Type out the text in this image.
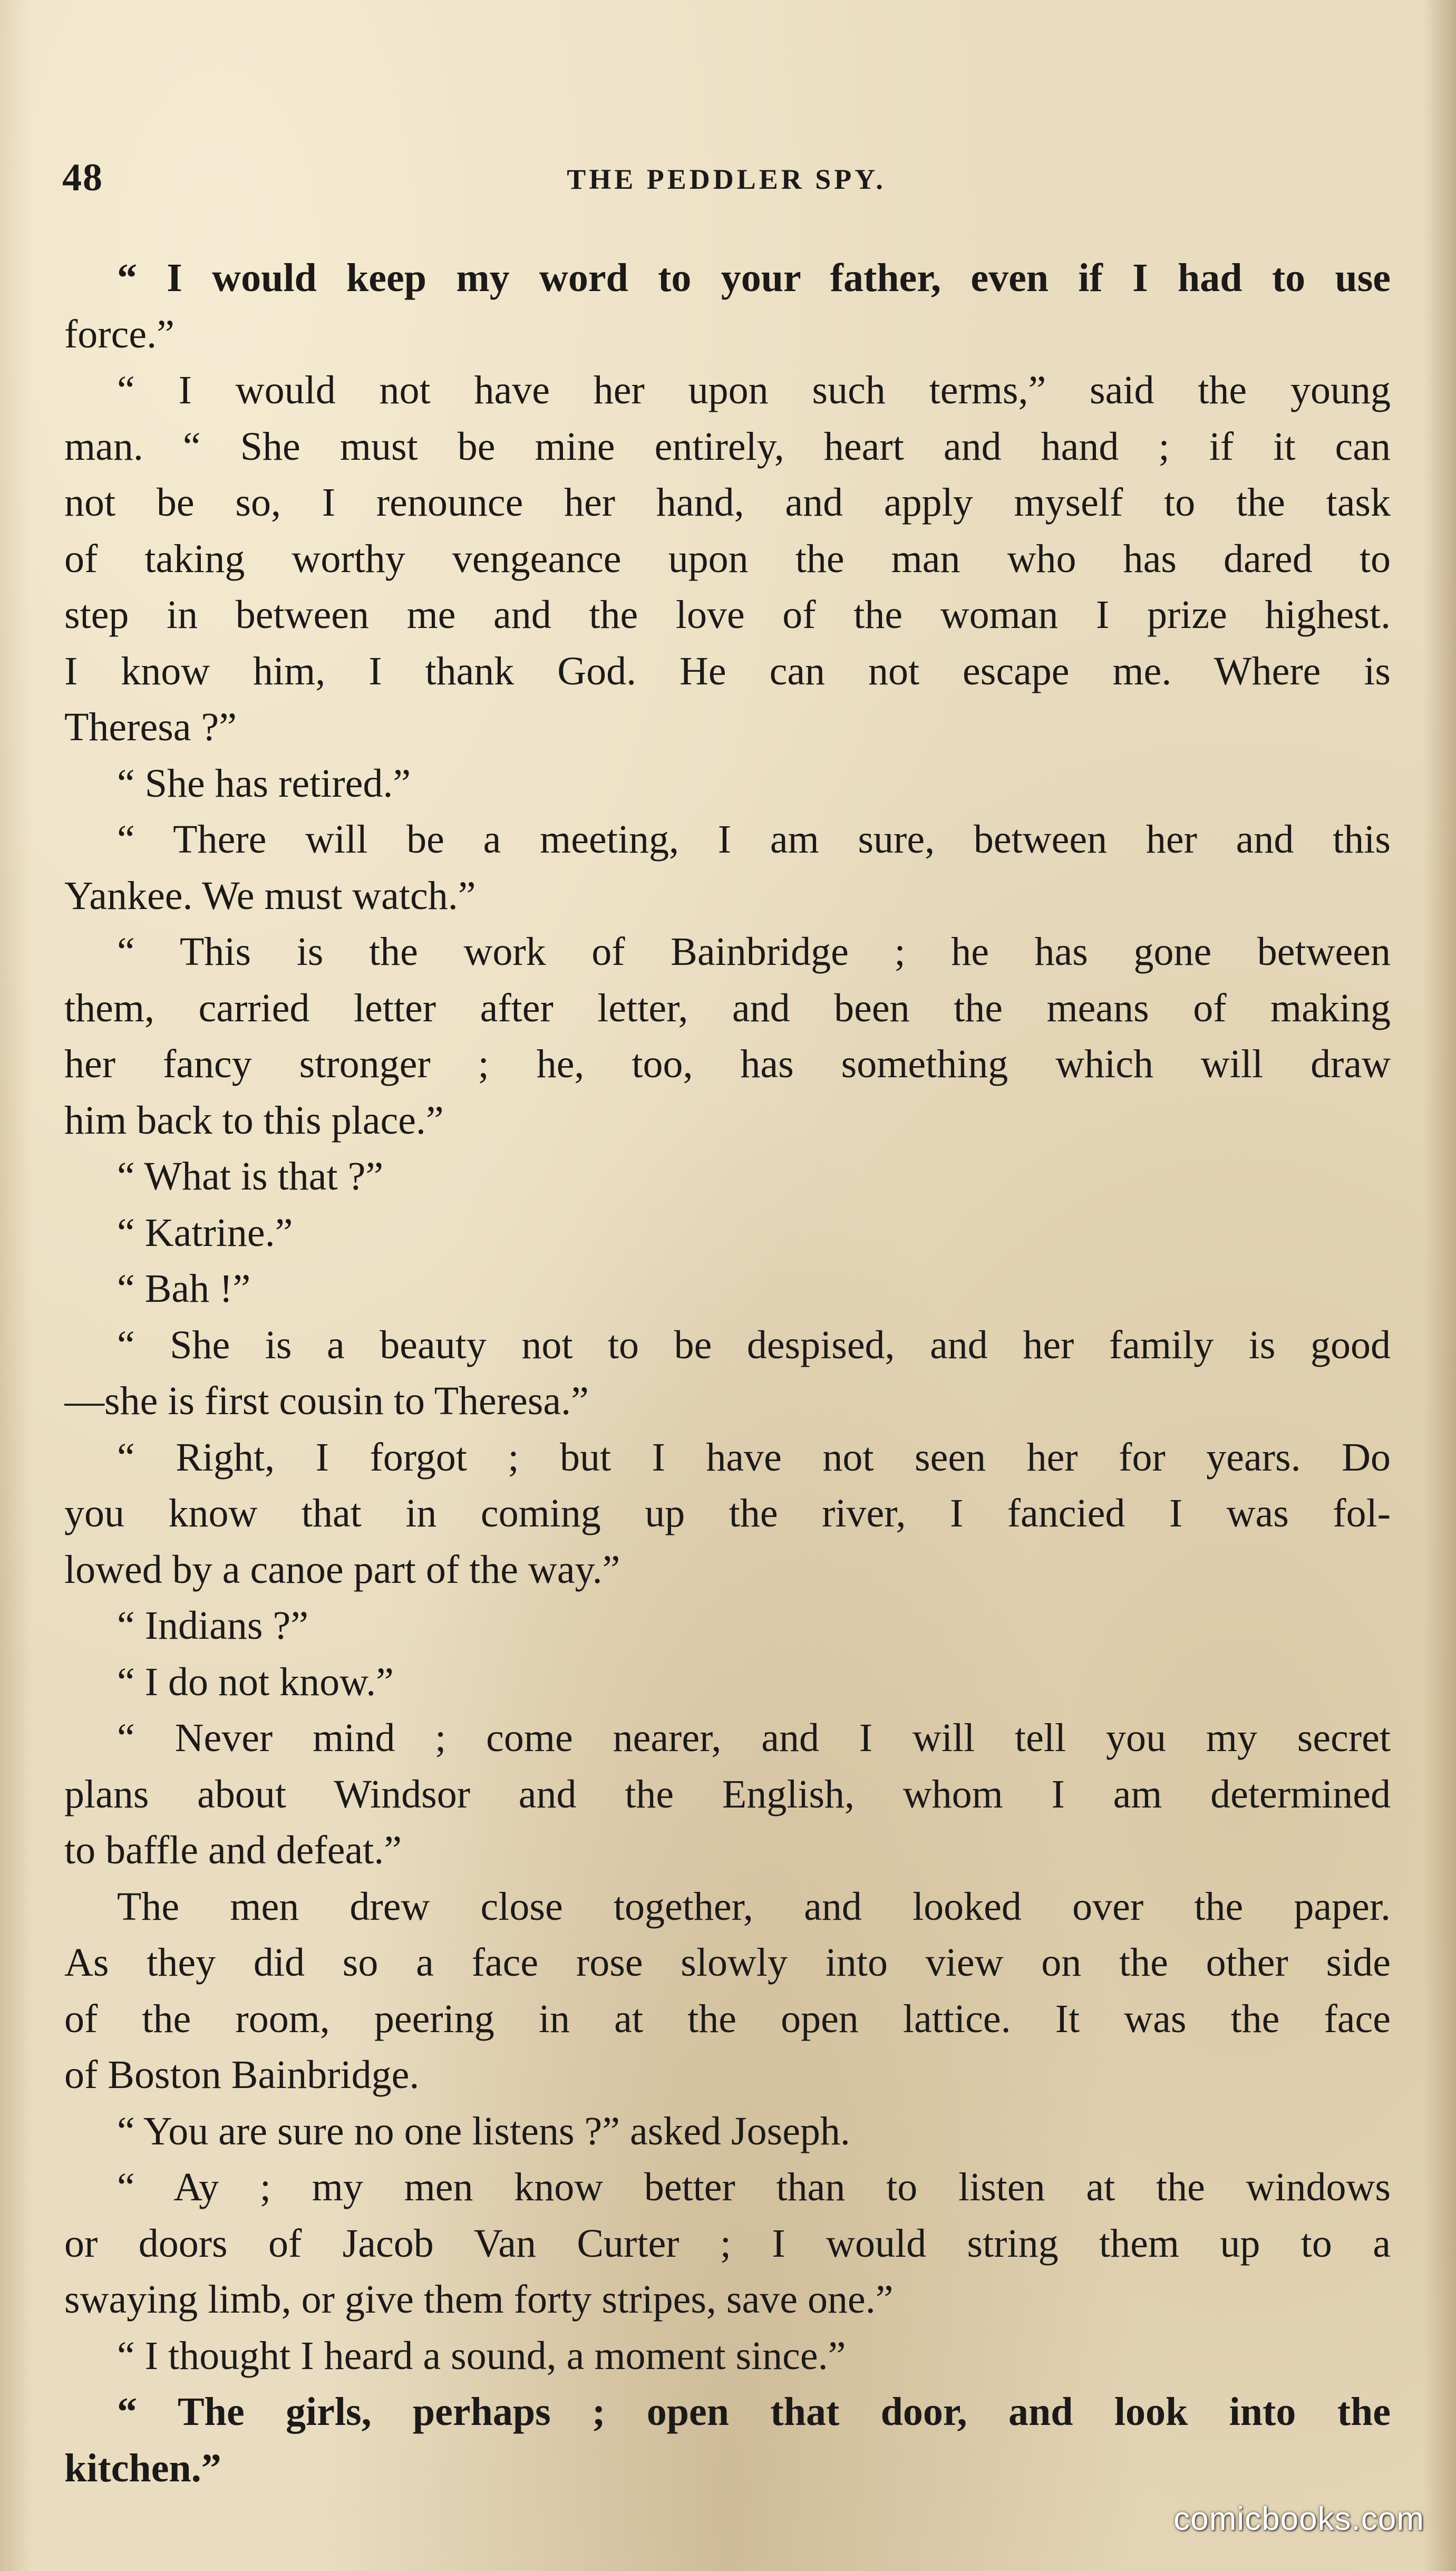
48	THE PEDDLER SPY.
“ I would keep my word to your father, even if I had to use
force.”
“ I would not have her upon such terms,” said the young
man. “ She must be mine entirely, heart and hand ; if it can
not be so, I renounce her hand, and apply myself to the task
of taking worthy vengeance upon the man who has dared to
step in between me and the love of the woman I prize highest.
I know him, I thank God. He can not escape me. Where is
Theresa ?”
“ She has retired.”
“ There will be a meeting, I am sure, between her and this
Yankee. We must watch.”
“ This is the work of Bainbridge ; he has gone between
them, carried letter after letter, and been the means of making
her fancy stronger ; he, too, has something which will draw
him back to this place.”
“ What is that ?”
“ Katrine.”
“ Bah !”
“ She is a beauty not to be despised, and her family is good
—she is first cousin to Theresa.”
“ Right, I forgot ; but I have not seen her for years. Do
you know that in coming up the river, I fancied I was fol-
lowed by a canoe part of the way.”
“ Indians ?”
“ I do not know.”
“ Never mind ; come nearer, and I will tell you my secret
plans about Windsor and the English, whom I am determined
to baffle and defeat.”
The men drew close together, and looked over the paper.
As they did so a face rose slowly into view on the other side
of the room, peering in at the open lattice. It was the face
of Boston Bainbridge.
“ You are sure no one listens ?” asked Joseph.
“ Ay ; my men know better than to listen at the windows
or doors of Jacob Van Curter ; I would string them up to a
swaying limb, or give them forty stripes, save one.”
“ I thought I heard a sound, a moment since.”
“ The girls, perhaps ; open that door, and look into the
kitchen.”
comicbooks.com
